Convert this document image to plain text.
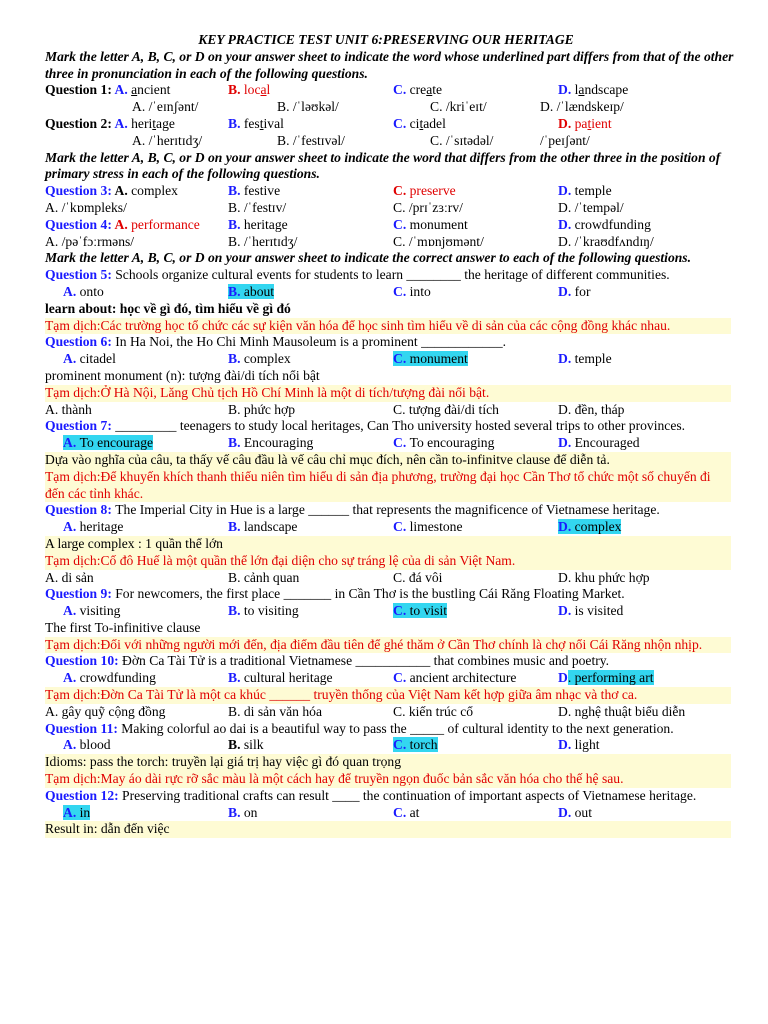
KEY PRACTICE TEST UNIT 6:PRESERVING OUR HERITAGE
Mark the letter A, B, C, or D on your answer sheet to indicate the word whose underlined part differs from that of the other three in pronunciation in each of the following questions.
Question 1: A. ancient	B. local	C. create	D. landscape
A. /ˈeɪnʃənt/	B. /ˈləʊkəl/	C. /kriˈeɪt/	D. /ˈlændskeɪp/
Question 2: A. heritage	B. festival	C. citadel	D. patient
A. /ˈherɪtɪdʒ/	B. /ˈfestɪvəl/	C. /ˈsɪtədəl/	/ˈpeɪʃənt/
Mark the letter A, B, C, or D on your answer sheet to indicate the word that differs from the other three in the position of primary stress in each of the following questions.
Question 3: A. complex	B. festive	C. preserve	D. temple
A. /ˈkɒmpleks/	B. /ˈfestɪv/	C. /prɪˈzɜːrv/	D. /ˈtempəl/
Question 4: A. performance	B. heritage	C. monument	D. crowdfunding
A. /pəˈfɔːrməns/	B. /ˈherɪtɪdʒ/	C. /ˈmɒnjʊmənt/	D. /ˈkraʊdfʌndɪŋ/
Mark the letter A, B, C, or D on your answer sheet to indicate the correct answer to each of the following questions.
Question 5: Schools organize cultural events for students to learn ________ the heritage of different communities.
A. onto	B. about	C. into	D. for
learn about: học về gì đó, tìm hiểu về gì đó
Tạm dịch:Các trường học tổ chức các sự kiện văn hóa để học sinh tìm hiểu về di sản của các cộng đồng khác nhau.
Question 6: In Ha Noi, the Ho Chi Minh Mausoleum is a prominent ____________.
A. citadel	B. complex	C. monument	D. temple
prominent monument (n): tượng đài/di tích nổi bật
Tạm dịch:Ở Hà Nội, Lăng Chủ tịch Hồ Chí Minh là một di tích/tượng đài nổi bật.
A. thành	B. phức hợp	C. tượng đài/di tích	D. đền, tháp
Question 7: _________ teenagers to study local heritages, Can Tho university hosted several trips to other provinces.
A. To encourage	B. Encouraging	C. To encouraging	D. Encouraged
Dựa vào nghĩa của câu, ta thấy vế câu đầu là vế câu chỉ mục đích, nên cần to-infinitve clause để diễn tả.
Tạm dịch:Để khuyến khích thanh thiếu niên tìm hiểu di sản địa phương, trường đại học Cần Thơ tổ chức một số chuyến đi đến các tỉnh khác.
Question 8: The Imperial City in Hue is a large ______ that represents the magnificence of Vietnamese heritage.
A. heritage	B. landscape	C. limestone	D. complex
A large complex : 1 quần thể lớn
Tạm dịch:Cố đô Huế là một quần thể lớn đại diện cho sự tráng lệ của di sản Việt Nam.
A. di sản	B. cảnh quan	C. đá vôi	D. khu phức hợp
Question 9: For newcomers, the first place _______ in Cần Thơ is the bustling Cái Răng Floating Market.
A. visiting	B. to visiting	C. to visit	D. is visited
The first To-infinitive clause
Tạm dịch:Đối với những người mới đến, địa điểm đầu tiên để ghé thăm ở Cần Thơ chính là chợ nổi Cái Răng nhộn nhịp.
Question 10: Đờn Ca Tài Tử is a traditional Vietnamese ___________ that combines music and poetry.
A. crowdfunding	B. cultural heritage	C. ancient architecture	D. performing art
Tạm dịch:Đờn Ca Tài Tử là một ca khúc ______ truyền thống của Việt Nam kết hợp giữa âm nhạc và thơ ca.
A. gây quỹ cộng đồng	B. di sản văn hóa	C. kiến trúc cổ	D. nghệ thuật biểu diễn
Question 11: Making colorful ao dai is a beautiful way to pass the _____ of cultural identity to the next generation.
A. blood	B. silk	C. torch	D. light
Idioms: pass the torch: truyền lại giá trị hay việc gì đó quan trọng
Tạm dịch:May áo dài rực rỡ sắc màu là một cách hay để truyền ngọn đuốc bản sắc văn hóa cho thế hệ sau.
Question 12: Preserving traditional crafts can result ____ the continuation of important aspects of Vietnamese heritage.
A. in	B. on	C. at	D. out
Result in: dẫn đến việc
